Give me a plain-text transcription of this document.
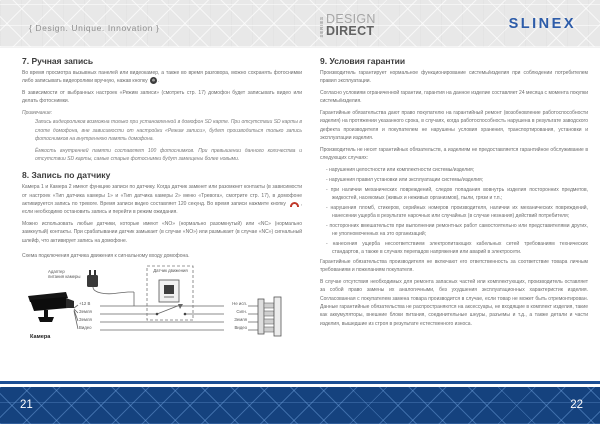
{ Design. Unique. Innovation }	SERIES DESIGN
DIRECT	SLINEX
7. Ручная запись

Во время просмотра вызывных панелей или видеокамер, а также во время разговора, можно сохранять фотоснимки либо записывать видеоролики вручную, нажав кнопку .

В зависимости от выбранных настроек «Режим записи» (смотреть стр. 17) домофон будет записывать видео или делать фотоснимки.

Примечание:

Запись видеороликов возможна только при установленной в домофон SD карте. При отсутствии SD карты в слоте домофона, вне зависимости от настройки «Режим записи», будет производиться только запись фотоснимков на внутреннюю память домофона.

Ёмкость внутренней памяти составляет 100 фотоснимков. При превышении данного количества и отсутствии SD карты, самые старые фотоснимки будут замещены более новыми.

8. Запись по датчику

Камера 1 и Камера 2 имеют функцию записи по датчику. Когда датчик замкнет или разомкнет контакты (в зависимости от настроек «Тип датчика камеры 1» и «Тип датчика камеры 2» меню «Тревога», смотрите стр. 17), в домофоне активируется запись по тревоге. Время записи видео составляет 120 секунд. Во время записи нажмите кнопку	, если необходимо остановить запись и перейти в режим ожидания.

Можно использовать любые датчики, которые имеют «NO» (нормально разомкнутый) или «NC» (нормально замкнутый) контакты. При срабатывании датчик замыкает (в случае «NO») или размыкает (в случае «NC») сигнальный шлейф, что активирует запись на домофоне.

Схема подключения датчика движения к сигнальному входу домофона.

Адаптер питания камеры
Датчик движения
Камера
+12 В
Земля
Земля
Видео
Не исп.
Сигн.
Земля
Видео
9. Условия гарантии

Производитель гарантирует нормальное функционирование системы/изделия при соблюдении потребителем правил эксплуатации.

Согласно условиям ограниченной гарантии, гарантия на данное изделие составляет 24 месяца с момента покупки системы/изделия.

Гарантийные обязательства дают право покупателю на гарантийный ремонт (возобновление работоспособности изделия) на протяжении указанного срока, в случаях, когда работоспособность нарушена в результате заводского дефекта производителя и покупателем не нарушены условия хранения, транспортирования, установки и эксплуатации изделия.

Производитель не несет гарантийных обязательств, а изделиям не предоставляется гарантийное обслуживание в следующих случаях:

- нарушения целостности или комплектности системы/изделия;

- нарушения правил установки или эксплуатации системы/изделия;

- при наличии механических повреждений, следов попадания вовнутрь изделия посторонних предметов, жидкостей, насекомых (живых и неживых организмов), пыли, грязи и т.п.;

- нарушения пломб, стикеров, серийных номеров производителя, наличии их механических повреждений, нанесении ущерба в результате нарочных или случайных (в случае незнания) действий потребителя;

- посторонних вмешательств при выполнении ремонтных работ самостоятельно или представителями других, не уполномоченных на это организаций;

- нанесения ущерба несоответствием электропитающих кабельных сетей требованиям технических стандартов, а также в случаях перепадов напряжения или аварий в электросети.

Гарантийные обязательства производителя не включают его ответственность за соответствие товара личным требованиям и пожеланиям покупателя.

В случае отсутствия необходимых для ремонта запасных частей или комплектующих, производитель оставляет за собой право замены их аналогичными, без ухудшения эксплуатационных характеристик изделия. Согласованная с покупателем замена товара производится в случае, если товар не может быть отремонтирован. Данные гарантийные обязательства не распространяются на аксессуары, не входящие в комплект изделия, такие как аккумуляторы, внешние блоки питания, соединительные шнуры, разъемы и т.д., а также детали и части изделия, вышедшие из строя в результате естественного износа.

21	22
